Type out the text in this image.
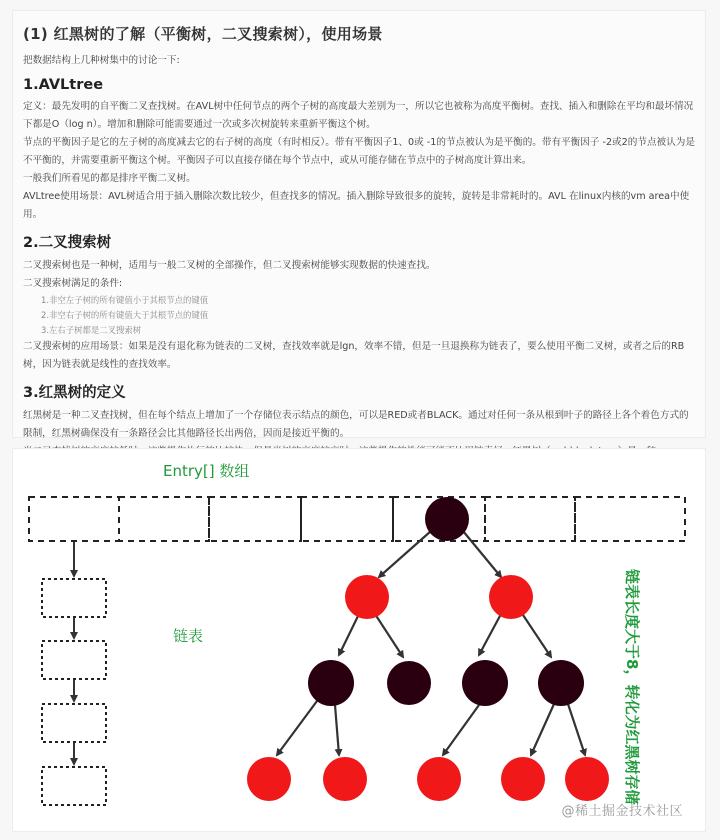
(1) 红黑树的了解（平衡树，二叉搜索树），使用场景
把数据结构上几种树集中的讨论一下:
1.AVLtree
定义：最先发明的自平衡二叉查找树。在AVL树中任何节点的两个子树的高度最大差别为一，所以它也被称为高度平衡树。查找、插入和删除在平均和最坏情况下都是O（log n）。增加和删除可能需要通过一次或多次树旋转来重新平衡这个树。
节点的平衡因子是它的左子树的高度减去它的右子树的高度（有时相反）。带有平衡因子1、0或 -1的节点被认为是平衡的。带有平衡因子 -2或2的节点被认为是不平衡的，并需要重新平衡这个树。平衡因子可以直接存储在每个节点中，或从可能存储在节点中的子树高度计算出来。
一般我们所看见的都是排序平衡二叉树。
AVLtree使用场景：AVL树适合用于插入删除次数比较少，但查找多的情况。插入删除导致很多的旋转，旋转是非常耗时的。AVL 在linux内核的vm area中使用。
2.二叉搜索树
二叉搜索树也是一种树，适用与一般二叉树的全部操作，但二叉搜索树能够实现数据的快速查找。
二叉搜索树满足的条件:
1.非空左子树的所有键值小于其根节点的键值
2.非空右子树的所有键值大于其根节点的键值
3.左右子树都是二叉搜索树
二叉搜索树的应用场景：如果是没有退化称为链表的二叉树，查找效率就是lgn，效率不错，但是一旦退换称为链表了，要么使用平衡二叉树，或者之后的RB树，因为链表就是线性的查找效率。
3.红黑树的定义
红黑树是一种二叉查找树，但在每个结点上增加了一个存储位表示结点的颜色，可以是RED或者BLACK。通过对任何一条从根到叶子的路径上各个着色方式的限制，红黑树确保没有一条路径会比其他路径长出两倍，因而是接近平衡的。
Entry[] 数组
链表	链表长度大于8，转化为红黑树存储
@稀土掘金技术社区
